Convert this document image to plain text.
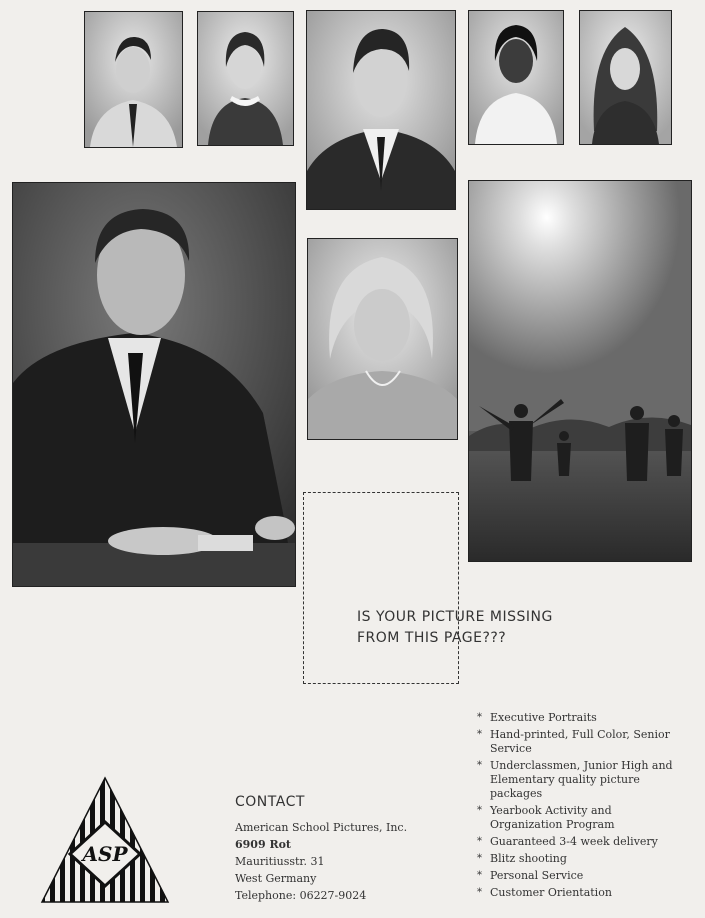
IS YOUR PICTURE MISSING
FROM THIS PAGE???
ASP
CONTACT
American School Pictures, Inc.
6909 Rot
Mauritiusstr. 31
West Germany
Telephone: 06227-9024
* Executive Portraits
* Hand-printed, Full Color, Senior Service
* Underclassmen, Junior High and Elementary quality picture packages
* Yearbook Activity and Organization Program
* Guaranteed 3-4 week delivery
* Blitz shooting
* Personal Service
* Customer Orientation
